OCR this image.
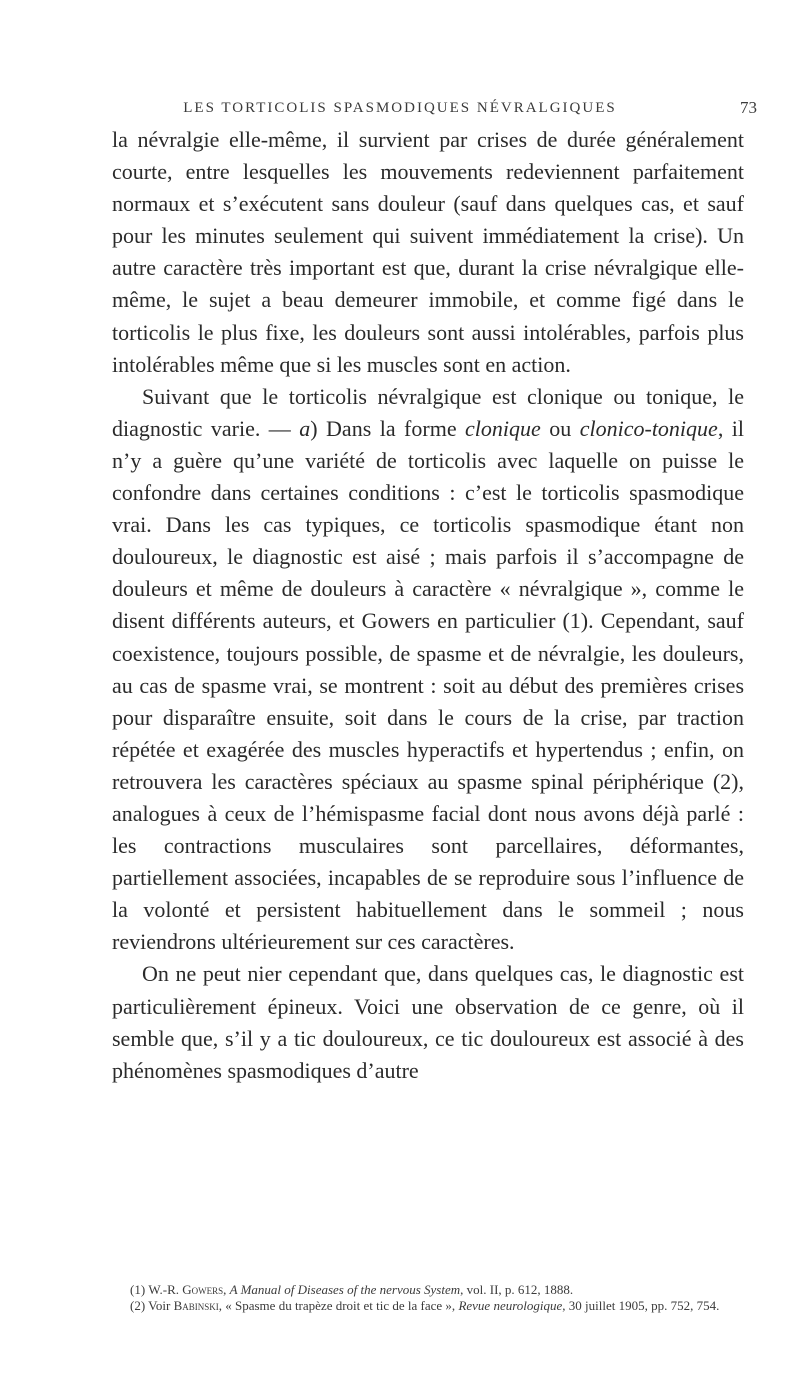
LES TORTICOLIS SPASMODIQUES NÉVRALGIQUES	73

la névralgie elle-même, il survient par crises de durée généralement courte, entre lesquelles les mouvements redeviennent parfaitement normaux et s’exécutent sans douleur (sauf dans quelques cas, et sauf pour les minutes seulement qui suivent immédiatement la crise). Un autre caractère très important est que, durant la crise névralgique elle-même, le sujet a beau demeurer immobile, et comme figé dans le torticolis le plus fixe, les douleurs sont aussi intolérables, parfois plus intolérables même que si les muscles sont en action.

Suivant que le torticolis névralgique est clonique ou tonique, le diagnostic varie. — a) Dans la forme clonique ou clonico-tonique, il n’y a guère qu’une variété de torticolis avec laquelle on puisse le confondre dans certaines conditions : c’est le torticolis spasmodique vrai. Dans les cas typiques, ce torticolis spasmodique étant non douloureux, le diagnostic est aisé ; mais parfois il s’accompagne de douleurs et même de douleurs à caractère « névralgique », comme le disent différents auteurs, et Gowers en particulier (1). Cependant, sauf coexistence, toujours possible, de spasme et de névralgie, les douleurs, au cas de spasme vrai, se montrent : soit au début des premières crises pour disparaître ensuite, soit dans le cours de la crise, par traction répétée et exagérée des muscles hyperactifs et hypertendus ; enfin, on retrouvera les caractères spéciaux au spasme spinal périphérique (2), analogues à ceux de l’hémispasme facial dont nous avons déjà parlé : les contractions musculaires sont parcellaires, déformantes, partiellement associées, incapables de se reproduire sous l’influence de la volonté et persistent habituellement dans le sommeil ; nous reviendrons ultérieurement sur ces caractères.

On ne peut nier cependant que, dans quelques cas, le diagnostic est particulièrement épineux. Voici une observation de ce genre, où il semble que, s’il y a tic douloureux, ce tic douloureux est associé à des phénomènes spasmodiques d’autre

(1) W.-R. Gowers, A Manual of Diseases of the nervous System, vol. II, p. 612, 1888.

(2) Voir Babinski, « Spasme du trapèze droit et tic de la face », Revue neurologique, 30 juillet 1905, pp. 752, 754.
